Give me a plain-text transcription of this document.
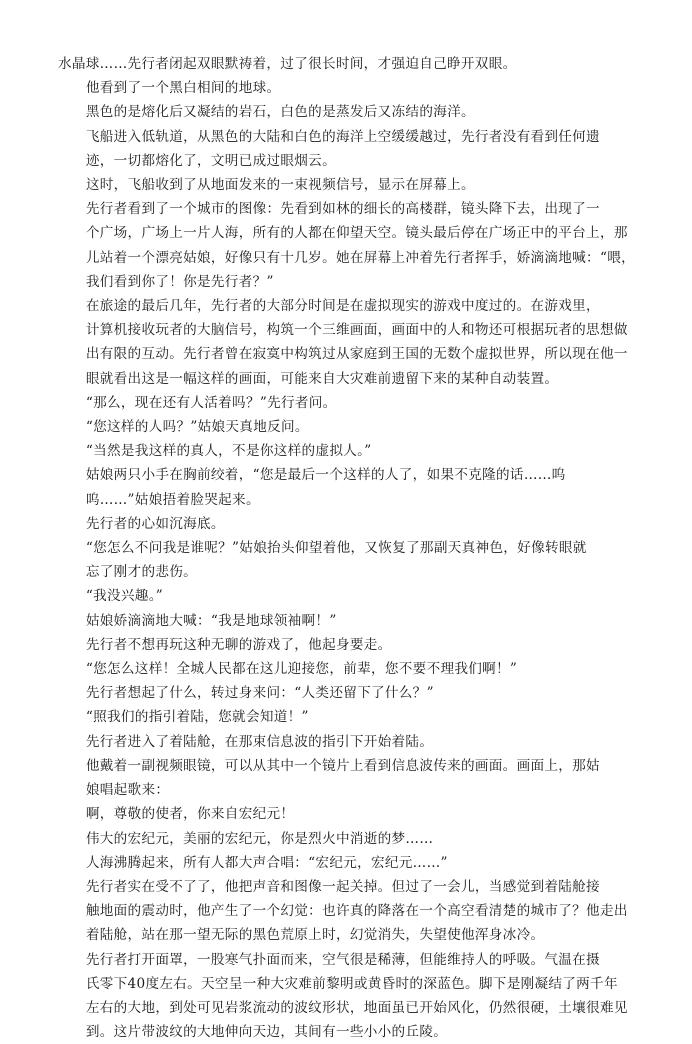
水晶球……先行者闭起双眼默祷着，过了很长时间，才强迫自己睁开双眼。

他看到了一个黑白相间的地球。

黑色的是熔化后又凝结的岩石，白色的是蒸发后又冻结的海洋。

飞船进入低轨道，从黑色的大陆和白色的海洋上空缓缓越过，先行者没有看到任何遗
迹，一切都熔化了，文明已成过眼烟云。

这时，飞船收到了从地面发来的一束视频信号，显示在屏幕上。

先行者看到了一个城市的图像：先看到如林的细长的高楼群，镜头降下去，出现了一
个广场，广场上一片人海，所有的人都在仰望天空。镜头最后停在广场正中的平台上，那
儿站着一个漂亮姑娘，好像只有十几岁。她在屏幕上冲着先行者挥手，娇滴滴地喊：“喂，
我们看到你了！你是先行者？”

在旅途的最后几年，先行者的大部分时间是在虚拟现实的游戏中度过的。在游戏里，
计算机接收玩者的大脑信号，构筑一个三维画面，画面中的人和物还可根据玩者的思想做
出有限的互动。先行者曾在寂寞中构筑过从家庭到王国的无数个虚拟世界，所以现在他一
眼就看出这是一幅这样的画面，可能来自大灾难前遗留下来的某种自动装置。

“那么，现在还有人活着吗？”先行者问。

“您这样的人吗？”姑娘天真地反问。

“当然是我这样的真人，不是你这样的虚拟人。”

姑娘两只小手在胸前绞着，“您是最后一个这样的人了，如果不克隆的话……呜
呜……”姑娘捂着脸哭起来。

先行者的心如沉海底。

“您怎么不问我是谁呢？”姑娘抬头仰望着他，又恢复了那副天真神色，好像转眼就
忘了刚才的悲伤。

“我没兴趣。”

姑娘娇滴滴地大喊：“我是地球领袖啊！”

先行者不想再玩这种无聊的游戏了，他起身要走。

“您怎么这样！全城人民都在这儿迎接您，前辈，您不要不理我们啊！”

先行者想起了什么，转过身来问：“人类还留下了什么？”

“照我们的指引着陆，您就会知道！”

先行者进入了着陆舱，在那束信息波的指引下开始着陆。

他戴着一副视频眼镜，可以从其中一个镜片上看到信息波传来的画面。画面上，那姑
娘唱起歌来：

啊，尊敬的使者，你来自宏纪元！

伟大的宏纪元，美丽的宏纪元，你是烈火中消逝的梦……

人海沸腾起来，所有人都大声合唱：“宏纪元，宏纪元……”

先行者实在受不了了，他把声音和图像一起关掉。但过了一会儿，当感觉到着陆舱接
触地面的震动时，他产生了一个幻觉：也许真的降落在一个高空看清楚的城市了？他走出
着陆舱，站在那一望无际的黑色荒原上时，幻觉消失，失望使他浑身冰冷。

先行者打开面罩，一股寒气扑面而来，空气很是稀薄，但能维持人的呼吸。气温在摄
氏零下40度左右。天空呈一种大灾难前黎明或黄昏时的深蓝色。脚下是刚凝结了两千年
左右的大地，到处可见岩浆流动的波纹形状，地面虽已开始风化，仍然很硬，土壤很难见
到。这片带波纹的大地伸向天边，其间有一些小小的丘陵。
